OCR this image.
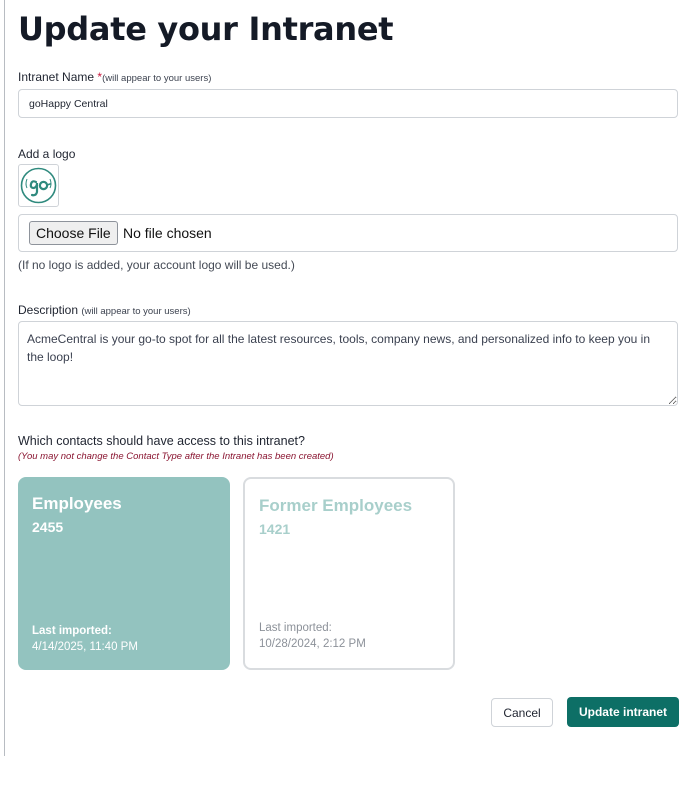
Update your Intranet
Intranet Name *(will appear to your users)
goHappy Central
Add a logo
Choose File No file chosen
(If no logo is added, your account logo will be used.)
Description (will appear to your users)
AcmeCentral is your go-to spot for all the latest resources, tools, company news, and personalized info to keep you in the loop!
Which contacts should have access to this intranet?
(You may not change the Contact Type after the Intranet has been created)
Employees
2455
Last imported:
4/14/2025, 11:40 PM
Former Employees
1421
Last imported:
10/28/2024, 2:12 PM
Cancel	Update intranet
